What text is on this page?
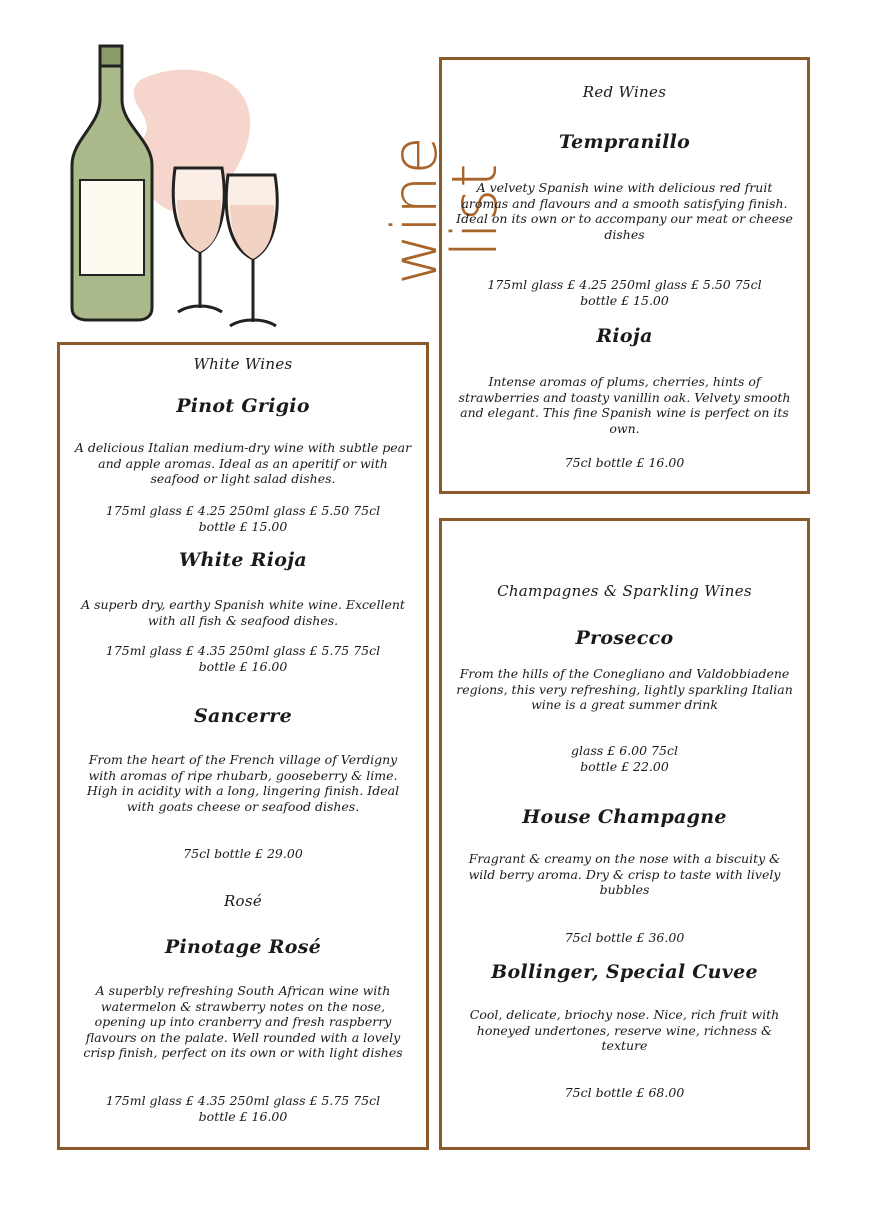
wine list
White Wines
Pinot Grigio
A delicious Italian medium-dry wine with subtle pear and apple aromas. Ideal as an aperitif or with seafood or light salad dishes.
175ml glass £ 4.25 250ml glass £ 5.50 75cl bottle £ 15.00
White Rioja
A superb dry, earthy Spanish white wine. Excellent with all fish & seafood dishes.
175ml glass £ 4.35 250ml glass £ 5.75 75cl bottle £ 16.00
Sancerre
From the heart of the French village of Verdigny with aromas of ripe rhubarb, gooseberry & lime. High in acidity with a long, lingering finish. Ideal with goats cheese or seafood dishes.
75cl bottle £ 29.00
Rosé
Pinotage Rosé
A superbly refreshing South African wine with watermelon & strawberry notes on the nose, opening up into cranberry and fresh raspberry flavours on the palate. Well rounded with a lovely crisp finish, perfect on its own or with light dishes
175ml glass £ 4.35 250ml glass £ 5.75 75cl bottle £ 16.00
Red Wines
Tempranillo
A velvety Spanish wine with delicious red fruit aromas and flavours and a smooth satisfying finish. Ideal on its own or to accompany our meat or cheese dishes
175ml glass £ 4.25 250ml glass £ 5.50 75cl bottle £ 15.00
Rioja
Intense aromas of plums, cherries, hints of strawberries and toasty vanillin oak. Velvety smooth and elegant. This fine Spanish wine is perfect on its own.
75cl bottle £ 16.00
Champagnes & Sparkling Wines
Prosecco
From the hills of the Conegliano and Valdobbiadene regions, this very refreshing, lightly sparkling Italian wine is a great summer drink
glass £ 6.00 75cl bottle £ 22.00
House Champagne
Fragrant & creamy on the nose with a biscuity & wild berry aroma. Dry & crisp to taste with lively bubbles
75cl bottle £ 36.00
Bollinger, Special Cuvee
Cool, delicate, briochy nose. Nice, rich fruit with honeyed undertones, reserve wine, richness & texture
75cl bottle £ 68.00
